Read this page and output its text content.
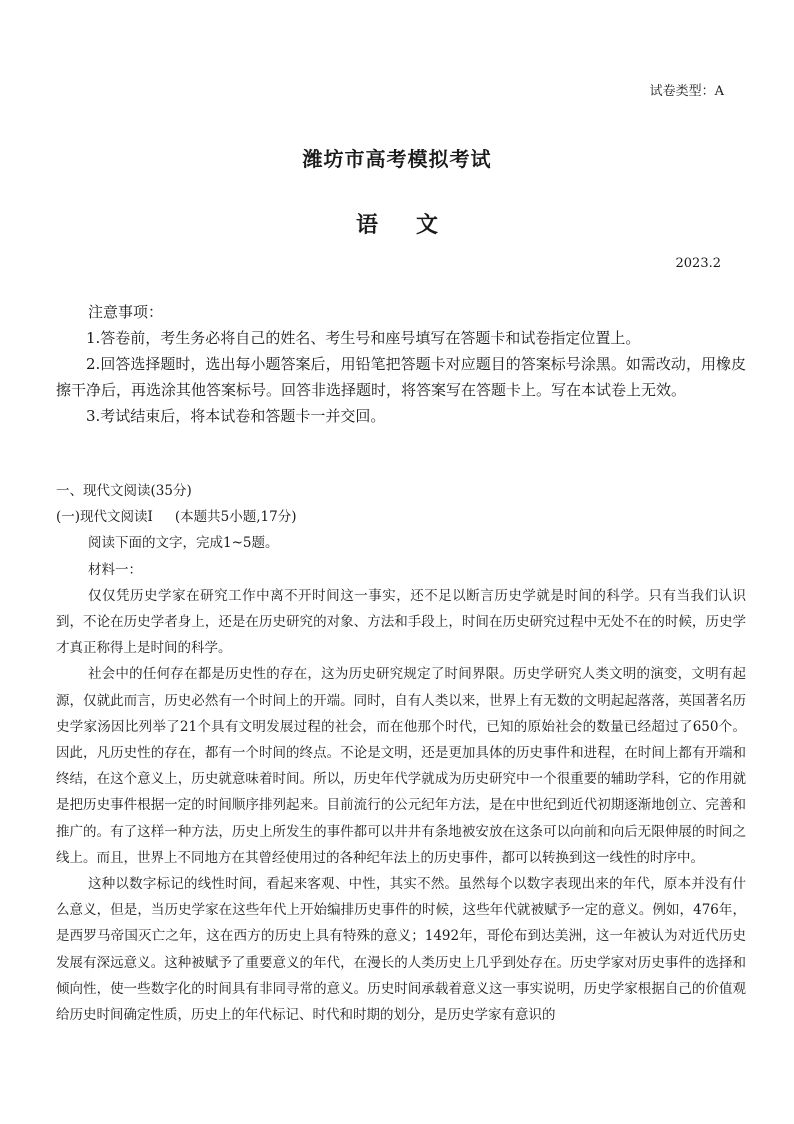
试卷类型：A
潍坊市高考模拟考试
语 文
2023.2

注意事项：

1.答卷前，考生务必将自己的姓名、考生号和座号填写在答题卡和试卷指定位置上。

2.回答选择题时，选出每小题答案后，用铅笔把答题卡对应题目的答案标号涂黑。如需改动，用橡皮擦干净后，再选涂其他答案标号。回答非选择题时，将答案写在答题卡上。写在本试卷上无效。

3.考试结束后，将本试卷和答题卡一并交回。

一、现代文阅读(35分)

(一)现代文阅读Ⅰ (本题共5小题,17分)

阅读下面的文字，完成1~5题。

材料一：

仅仅凭历史学家在研究工作中离不开时间这一事实，还不足以断言历史学就是时间的科学。只有当我们认识到，不论在历史学者身上，还是在历史研究的对象、方法和手段上，时间在历史研究过程中无处不在的时候，历史学才真正称得上是时间的科学。

社会中的任何存在都是历史性的存在，这为历史研究规定了时间界限。历史学研究人类文明的演变，文明有起源，仅就此而言，历史必然有一个时间上的开端。同时，自有人类以来，世界上有无数的文明起起落落，英国著名历史学家汤因比列举了21个具有文明发展过程的社会，而在他那个时代，已知的原始社会的数量已经超过了650个。因此，凡历史性的存在，都有一个时间的终点。不论是文明，还是更加具体的历史事件和进程，在时间上都有开端和终结，在这个意义上，历史就意味着时间。所以，历史年代学就成为历史研究中一个很重要的辅助学科，它的作用就是把历史事件根据一定的时间顺序排列起来。目前流行的公元纪年方法，是在中世纪到近代初期逐渐地创立、完善和推广的。有了这样一种方法，历史上所发生的事件都可以井井有条地被安放在这条可以向前和向后无限伸展的时间之线上。而且，世界上不同地方在其曾经使用过的各种纪年法上的历史事件，都可以转换到这一线性的时序中。

这种以数字标记的线性时间，看起来客观、中性，其实不然。虽然每个以数字表现出来的年代，原本并没有什么意义，但是，当历史学家在这些年代上开始编排历史事件的时候，这些年代就被赋予一定的意义。例如，476年，是西罗马帝国灭亡之年，这在西方的历史上具有特殊的意义；1492年，哥伦布到达美洲，这一年被认为对近代历史发展有深远意义。这种被赋予了重要意义的年代，在漫长的人类历史上几乎到处存在。历史学家对历史事件的选择和倾向性，使一些数字化的时间具有非同寻常的意义。历史时间承载着意义这一事实说明，历史学家根据自己的价值观给历史时间确定性质，历史上的年代标记、时代和时期的划分，是历史学家有意识的
